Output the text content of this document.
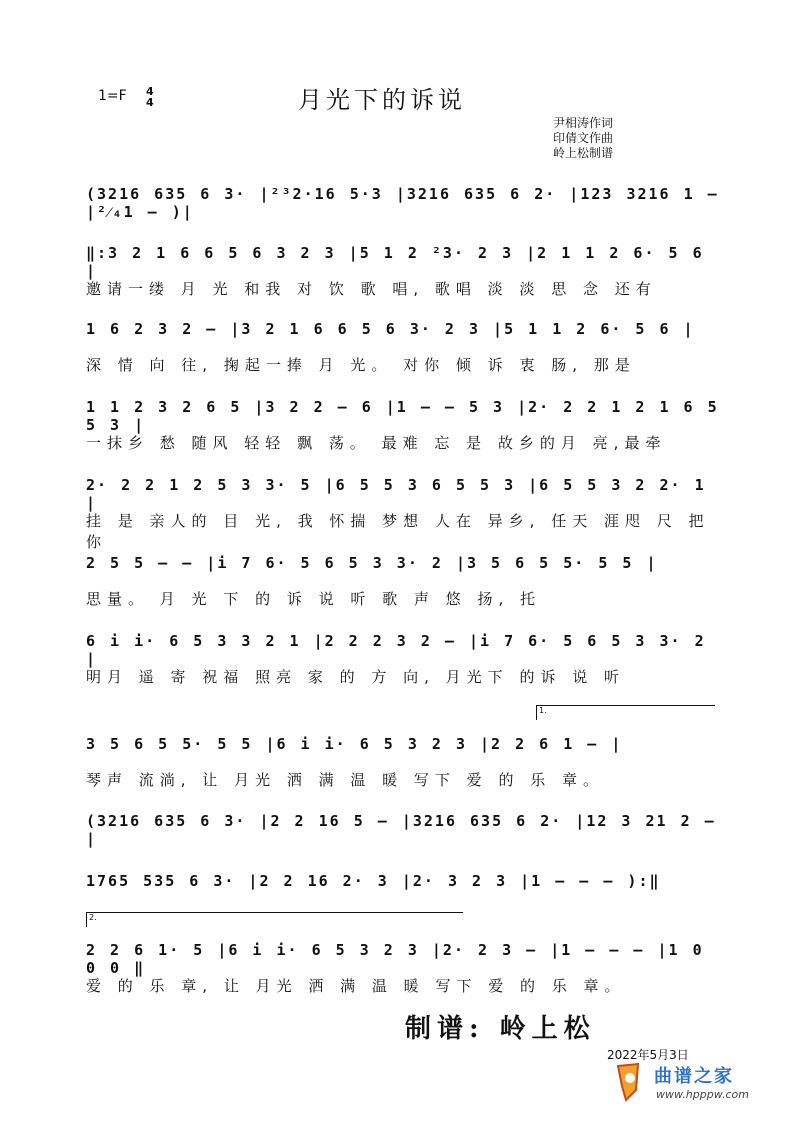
1=F 4
4	月光下的诉说
尹相涛作词
印倩文作曲
岭上松制谱
(3216 635 6 3· |²³2·16 5·3 |3216 635 6 2· |123 3216 1 – |²⁄₄1 – )|
‖:3 2 1 6 6 5 6 3 2 3 |5 1 2 ²3· 2 3 |2 1 1 2 6· 5 6 |
邀请一缕 月 光 和我 对 饮 歌 唱, 歌唱 淡 淡 思 念 还有
1 6 2 3 2 – |3 2 1 6 6 5 6 3· 2 3 |5 1 1 2 6· 5 6 |
深 情 向 往, 掬起一捧 月 光。 对你 倾 诉 衷 肠, 那是
1 1 2 3 2 6 5 |3 2 2 – 6 |1 – – 5 3 |2· 2 2 1 2 1 6 5 5 3 |
一抹乡 愁 随风 轻轻 飘 荡。 最难 忘 是 故乡的月 亮,最牵
2· 2 2 1 2 5 3 3· 5 |6 5 5 3 6 5 5 3 |6 5 5 3 2 2· 1 |
挂 是 亲人的 目 光, 我 怀揣 梦想 人在 异乡, 任天 涯咫 尺 把 你
2 5 5 – – |i 7 6· 5 6 5 3 3· 2 |3 5 6 5 5· 5 5 |
思量。 月 光 下 的 诉 说 听 歌 声 悠 扬, 托
6 i i· 6 5 3 3 2 1 |2 2 2 3 2 – |i 7 6· 5 6 5 3 3· 2 |
明月 遥 寄 祝福 照亮 家 的 方 向, 月光下 的诉 说 听
1.
3 5 6 5 5· 5 5 |6 i i· 6 5 3 2 3 |2 2 6 1 – |
琴声 流淌, 让 月光 洒 满 温 暖 写下 爱 的 乐 章。
(3216 635 6 3· |2 2 16 5 – |3216 635 6 2· |12 3 21 2 – |
1765 535 6 3· |2 2 16 2· 3 |2· 3 2 3 |1 – – – ):‖
2.
2 2 6 1· 5 |6 i i· 6 5 3 2 3 |2· 2 3 – |1 – – – |1 0 0 0 ‖
爱 的 乐 章, 让 月光 洒 满 温 暖 写下 爱 的 乐 章。
制谱: 岭上松
2022年5月3日
曲谱之家
www.hpppw.com
